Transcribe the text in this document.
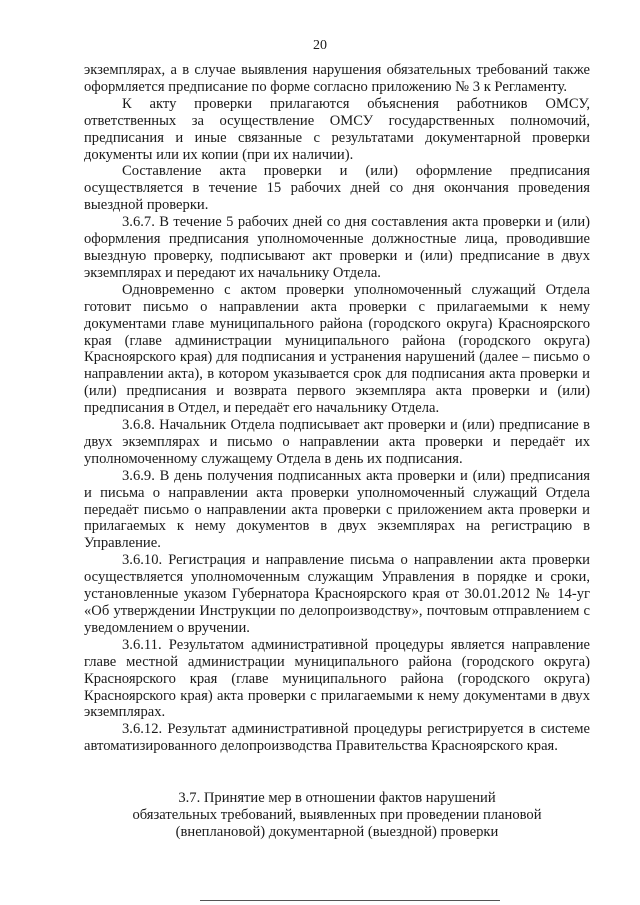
20

экземплярах, а в случае выявления нарушения обязательных требований также оформляется предписание по форме согласно приложению № 3 к Регламенту.

К акту проверки прилагаются объяснения работников ОМСУ, ответственных за осуществление ОМСУ государственных полномочий, предписания и иные связанные с результатами документарной проверки документы или их копии (при их наличии).

Составление акта проверки и (или) оформление предписания осуществляется в течение 15 рабочих дней со дня окончания проведения выездной проверки.

3.6.7. В течение 5 рабочих дней со дня составления акта проверки и (или) оформления предписания уполномоченные должностные лица, проводившие выездную проверку, подписывают акт проверки и (или) предписание в двух экземплярах и передают их начальнику Отдела.

Одновременно с актом проверки уполномоченный служащий Отдела готовит письмо о направлении акта проверки с прилагаемыми к нему документами главе муниципального района (городского округа) Красноярского края (главе администрации муниципального района (городского округа) Красноярского края) для подписания и устранения нарушений (далее – письмо о направлении акта), в котором указывается срок для подписания акта проверки и (или) предписания и возврата первого экземпляра акта проверки и (или) предписания в Отдел, и передаёт его начальнику Отдела.

3.6.8. Начальник Отдела подписывает акт проверки и (или) предписание в двух экземплярах и письмо о направлении акта проверки и передаёт их уполномоченному служащему Отдела в день их подписания.

3.6.9. В день получения подписанных акта проверки и (или) предписания и письма о направлении акта проверки уполномоченный служащий Отдела передаёт письмо о направлении акта проверки с приложением акта проверки и прилагаемых к нему документов в двух экземплярах на регистрацию в Управление.

3.6.10. Регистрация и направление письма о направлении акта проверки осуществляется уполномоченным служащим Управления в порядке и сроки, установленные указом Губернатора Красноярского края от 30.01.2012 № 14-уг «Об утверждении Инструкции по делопроизводству», почтовым отправлением с уведомлением о вручении.

3.6.11. Результатом административной процедуры является направление главе местной администрации муниципального района (городского округа) Красноярского края (главе муниципального района (городского округа) Красноярского края) акта проверки с прилагаемыми к нему документами в двух экземплярах.

3.6.12. Результат административной процедуры регистрируется в системе автоматизированного делопроизводства Правительства Красноярского края.

3.7. Принятие мер в отношении фактов нарушений
обязательных требований, выявленных при проведении плановой
(внеплановой) документарной (выездной) проверки
